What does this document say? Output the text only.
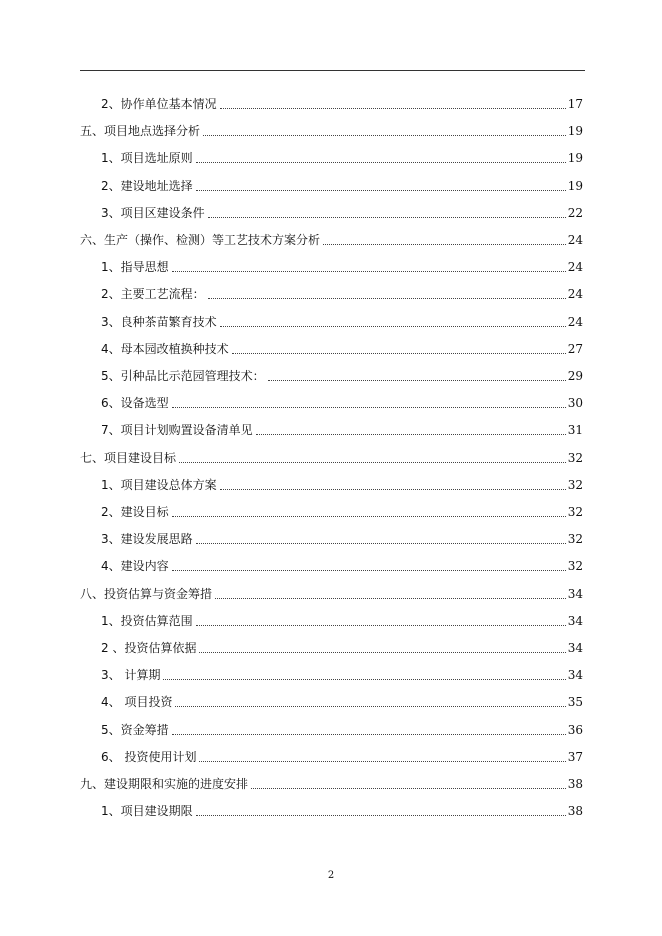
2、协作单位基本情况	17
五、项目地点选择分析	19
1、项目选址原则	19
2、建设地址选择	19
3、项目区建设条件	22
六、生产（操作、检测）等工艺技术方案分析	24
1、指导思想	24
2、主要工艺流程：	24
3、良种茶苗繁育技术	24
4、母本园改植换种技术	27
5、引种品比示范园管理技术：	29
6、设备选型	30
7、项目计划购置设备清单见	31
七、项目建设目标	32
1、项目建设总体方案	32
2、建设目标	32
3、建设发展思路	32
4、建设内容	32
八、投资估算与资金筹措	34
1、投资估算范围	34
2 、投资估算依据	34
3、 计算期	34
4、 项目投资	35
5、资金筹措	36
6、 投资使用计划	37
九、建设期限和实施的进度安排	38
1、项目建设期限	38
2
